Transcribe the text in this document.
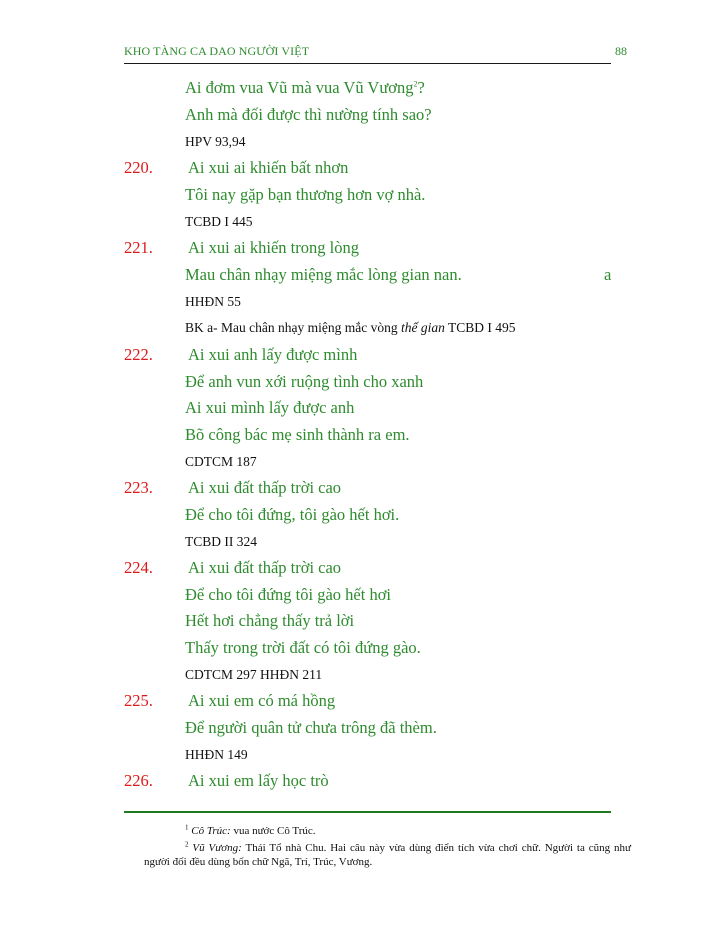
KHO TÀNG CA DAO NGƯỜI VIỆT	88
Ai đơm vua Vũ mà vua Vũ Vương$^2$?
Anh mà đối được thì nường tính sao?
HPV 93,94
220. Ai xui ai khiến bất nhơn
Tôi nay gặp bạn thương hơn vợ nhà.
TCBD I 445
221. Ai xui ai khiến trong lòng
Mau chân nhạy miệng mắc lòng gian nan.	a
HHĐN 55
BK a- Mau chân nhạy miệng mắc vòng thế gian TCBD I 495
222. Ai xui anh lấy được mình
Để anh vun xới ruộng tình cho xanh
Ai xui mình lấy được anh
Bõ công bác mẹ sinh thành ra em.
CDTCM 187
223. Ai xui đất thấp trời cao
Để cho tôi đứng, tôi gào hết hơi.
TCBD II 324
224. Ai xui đất thấp trời cao
Để cho tôi đứng tôi gào hết hơi
Hết hơi chẳng thấy trả lời
Thấy trong trời đất có tôi đứng gào.
CDTCM 297 HHĐN 211
225. Ai xui em có má hồng
Để người quân tử chưa trông đã thèm.
HHĐN 149
226. Ai xui em lấy học trò
$^1$ Cô Trúc: vua nước Cô Trúc.
$^2$ Vũ Vương: Thái Tổ nhà Chu. Hai câu này vừa dùng điển tích vừa chơi chữ. Người ta cũng như người đối đều dùng bốn chữ Ngã, Trí, Trúc, Vương.
